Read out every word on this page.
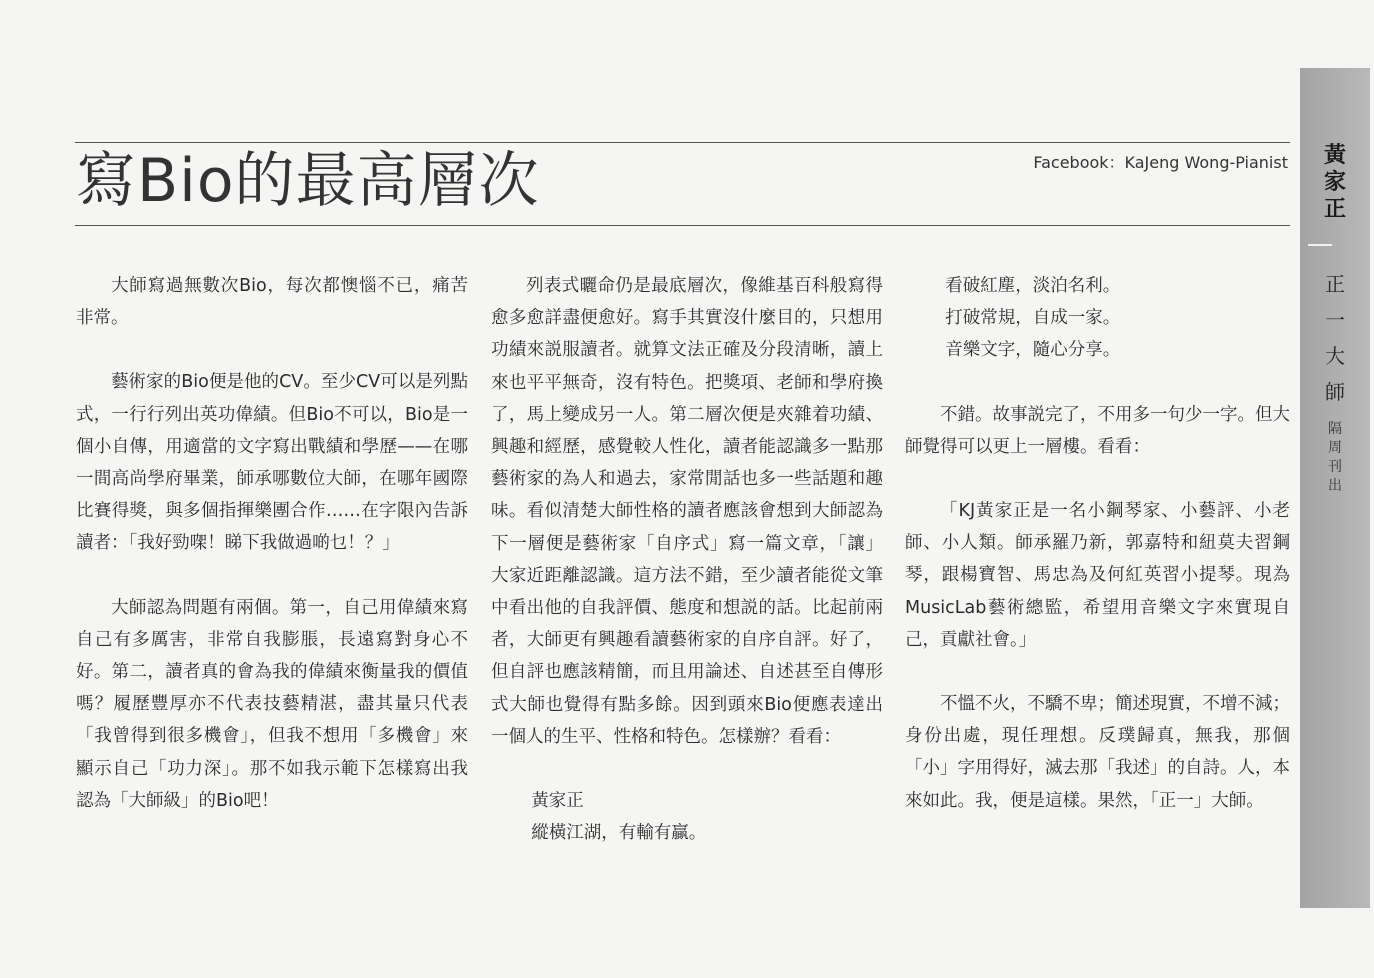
寫Bio的最高層次	Facebook：KaJeng Wong-Pianist

大師寫過無數次Bio，每次都懊惱不已，痛苦非常。

藝術家的Bio便是他的CV。至少CV可以是列點式，一行行列出英功偉績。但Bio不可以，Bio是一個小自傳，用適當的文字寫出戰績和學歷——在哪一間高尚學府畢業，師承哪數位大師，在哪年國際比賽得獎，與多個指揮樂團合作……在字限內告訴讀者：「我好勁㗎！睇下我做過啲乜！？」

大師認為問題有兩個。第一，自己用偉績來寫自己有多厲害，非常自我膨脹，長遠寫對身心不好。第二，讀者真的會為我的偉績來衡量我的價值嗎？履歷豐厚亦不代表技藝精湛，盡其量只代表「我曾得到很多機會」，但我不想用「多機會」來顯示自己「功力深」。那不如我示範下怎樣寫出我認為「大師級」的Bio吧！

列表式曬命仍是最底層次，像維基百科般寫得愈多愈詳盡便愈好。寫手其實沒什麼目的，只想用功績來説服讀者。就算文法正確及分段清晰，讀上來也平平無奇，沒有特色。把獎項、老師和學府換了，馬上變成另一人。第二層次便是夾雜着功績、興趣和經歷，感覺較人性化，讀者能認識多一點那藝術家的為人和過去，家常閒話也多一些話題和趣味。看似清楚大師性格的讀者應該會想到大師認為下一層便是藝術家「自序式」寫一篇文章，「讓」大家近距離認識。這方法不錯，至少讀者能從文筆中看出他的自我評價、態度和想説的話。比起前兩者，大師更有興趣看讀藝術家的自序自評。好了，但自評也應該精簡，而且用論述、自述甚至自傳形式大師也覺得有點多餘。因到頭來Bio便應表達出一個人的生平、性格和特色。怎樣辦？看看：

黃家正
縱橫江湖，有輸有贏。

看破紅塵，淡泊名利。
打破常規，自成一家。
音樂文字，隨心分享。

不錯。故事説完了，不用多一句少一字。但大師覺得可以更上一層樓。看看：

「KJ黃家正是一名小鋼琴家、小藝評、小老師、小人類。師承羅乃新，郭嘉特和紐莫夫習鋼琴，跟楊寶智、馬忠為及何紅英習小提琴。現為MusicLab藝術總監，希望用音樂文字來實現自己，貢獻社會。」

不慍不火，不驕不卑；簡述現實，不增不減；身份出處，現任理想。反璞歸真，無我，那個「小」字用得好，滅去那「我述」的自詩。人，本來如此。我，便是這樣。果然，「正一」大師。

黃
家
正
正
一
大
師
隔
周
刊
出
